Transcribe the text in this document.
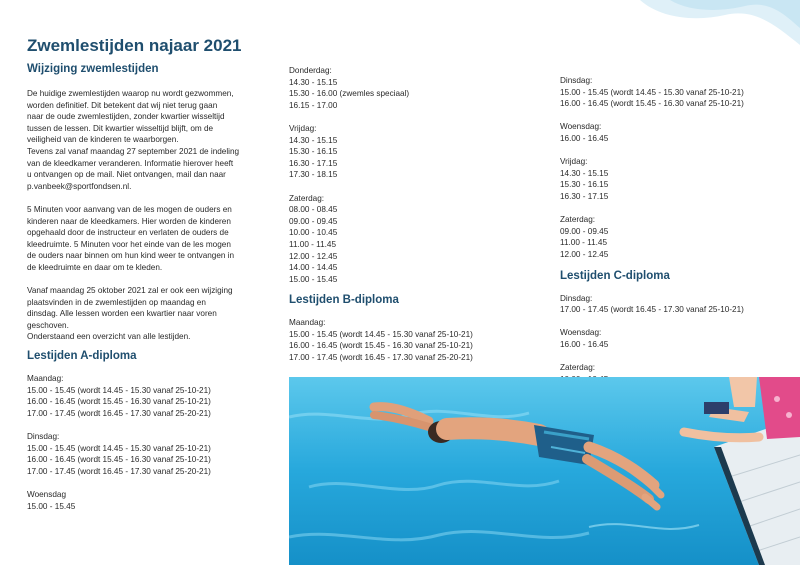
Zwemlestijden najaar 2021
Wijziging zwemlestijden
De huidige zwemlestijden waarop nu wordt gezwommen,
worden definitief. Dit betekent dat wij niet terug gaan
naar de oude zwemlestijden, zonder kwartier wisseltijd
tussen de lessen. Dit kwartier wisseltijd blijft, om de
veiligheid van de kinderen te waarborgen.
Tevens zal vanaf maandag 27 september 2021 de indeling
van de kleedkamer veranderen. Informatie hierover heeft
u ontvangen op de mail. Niet ontvangen, mail dan naar
p.vanbeek@sportfondsen.nl.
5 Minuten voor aanvang van de les mogen de ouders en
kinderen naar de kleedkamers. Hier worden de kinderen
opgehaald door de instructeur en verlaten de ouders de
kleedruimte. 5 Minuten voor het einde van de les mogen
de ouders naar binnen om hun kind weer te ontvangen in
de kleedruimte en daar om te kleden.
Vanaf maandag 25 oktober 2021 zal er ook een wijziging
plaatsvinden in de zwemlestijden op maandag en
dinsdag. Alle lessen worden een kwartier naar voren
geschoven.
Onderstaand een overzicht van alle lestijden.
Lestijden A-diploma
Maandag:
15.00 - 15.45 (wordt 14.45 - 15.30 vanaf 25-10-21)
16.00 - 16.45 (wordt 15.45 - 16.30 vanaf 25-10-21)
17.00 - 17.45 (wordt 16.45 - 17.30 vanaf 25-20-21)
Dinsdag:
15.00 - 15.45 (wordt 14.45 - 15.30 vanaf 25-10-21)
16.00 - 16.45 (wordt 15.45 - 16.30 vanaf 25-10-21)
17.00 - 17.45 (wordt 16.45 - 17.30 vanaf 25-20-21)
Woensdag
15.00 - 15.45
Donderdag:
14.30 - 15.15
15.30 - 16.00 (zwemles speciaal)
16.15 - 17.00
Vrijdag:
14.30 - 15.15
15.30 - 16.15
16.30 - 17.15
17.30 - 18.15
Zaterdag:
08.00 - 08.45
09.00 - 09.45
10.00 - 10.45
11.00 - 11.45
12.00 - 12.45
14.00 - 14.45
15.00 - 15.45
Lestijden B-diploma
Maandag:
15.00 - 15.45 (wordt 14.45 - 15.30 vanaf 25-10-21)
16.00 - 16.45 (wordt 15.45 - 16.30 vanaf 25-10-21)
17.00 - 17.45 (wordt 16.45 - 17.30 vanaf 25-20-21)
Dinsdag:
15.00 - 15.45 (wordt 14.45 - 15.30 vanaf 25-10-21)
16.00 - 16.45 (wordt 15.45 - 16.30 vanaf 25-10-21)
Woensdag:
16.00 - 16.45
Vrijdag:
14.30 - 15.15
15.30 - 16.15
16.30 - 17.15
Zaterdag:
09.00 - 09.45
11.00 - 11.45
12.00 - 12.45
Lestijden C-diploma
Dinsdag:
17.00 - 17.45 (wordt 16.45 - 17.30 vanaf 25-10-21)
Woensdag:
16.00 - 16.45
Zaterdag:
